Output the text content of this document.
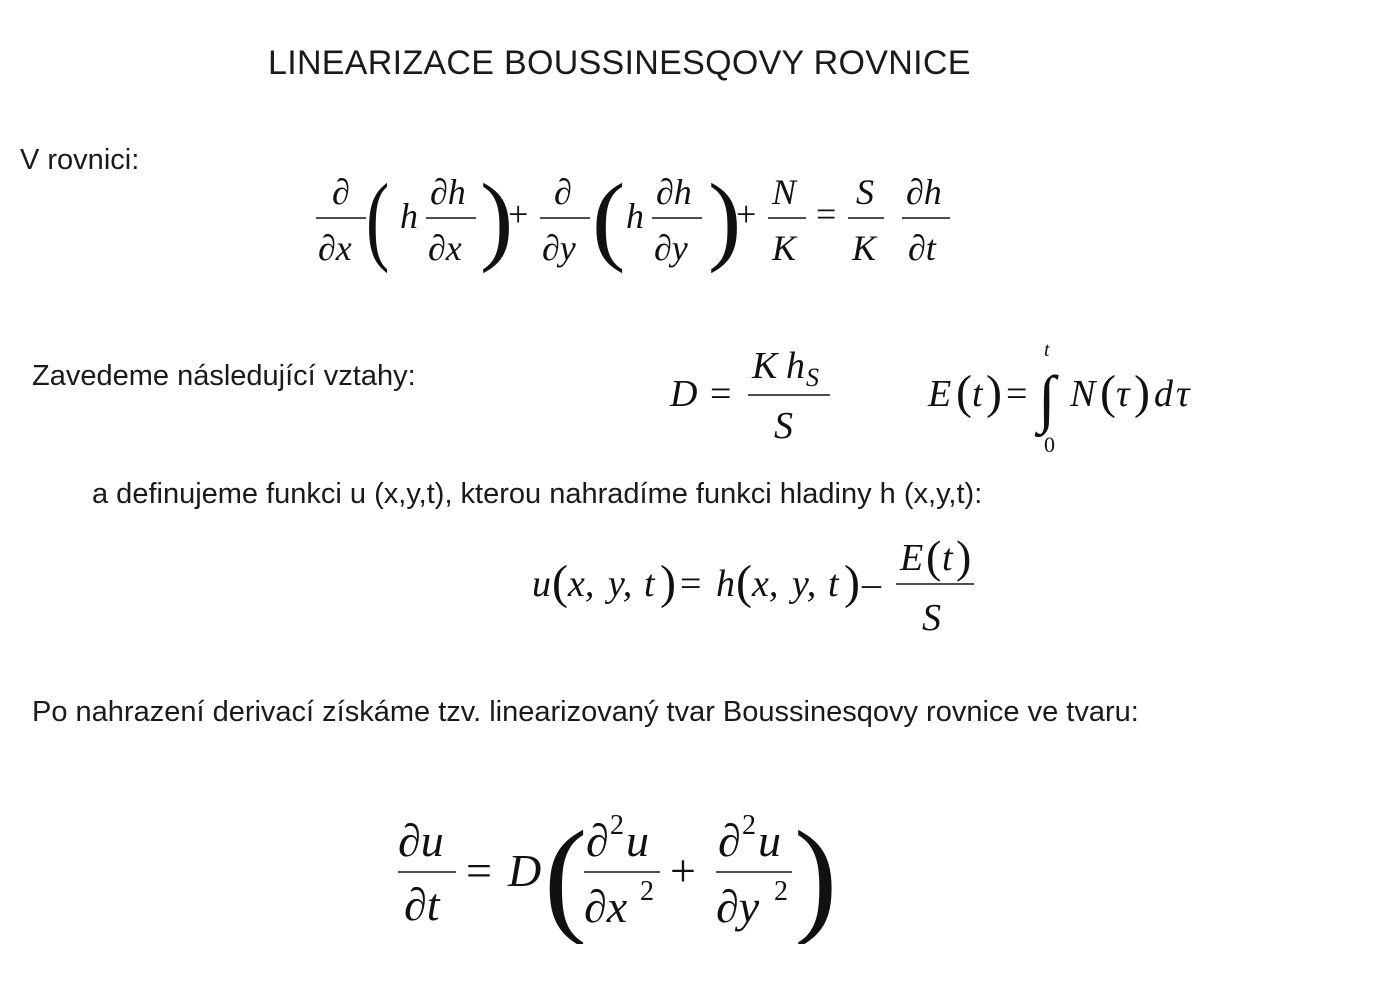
LINEARIZACE BOUSSINESQOVY ROVNICE
V rovnici:
∂
∂x ( h
∂h
∂x )
+
∂
∂y ( h
∂h
∂y )
+
N
K
=
S
K
∂h
∂t
Zavedeme následující vztahy:	D =
K h S
S
E ( t ) =
t
∫
0
N ( τ ) d τ
a definujeme funkci u (x,y,t), kterou nahradíme funkci hladiny h (x,y,t):
u ( x, y, t ) = h ( x, y, t ) –
E ( t )
S
Po nahrazení derivací získáme tzv. linearizovaný tvar Boussinesqovy rovnice ve tvaru:
∂u
∂t
= D (
∂ 2 u
∂x 2 +
∂ 2 u
∂y 2 )
